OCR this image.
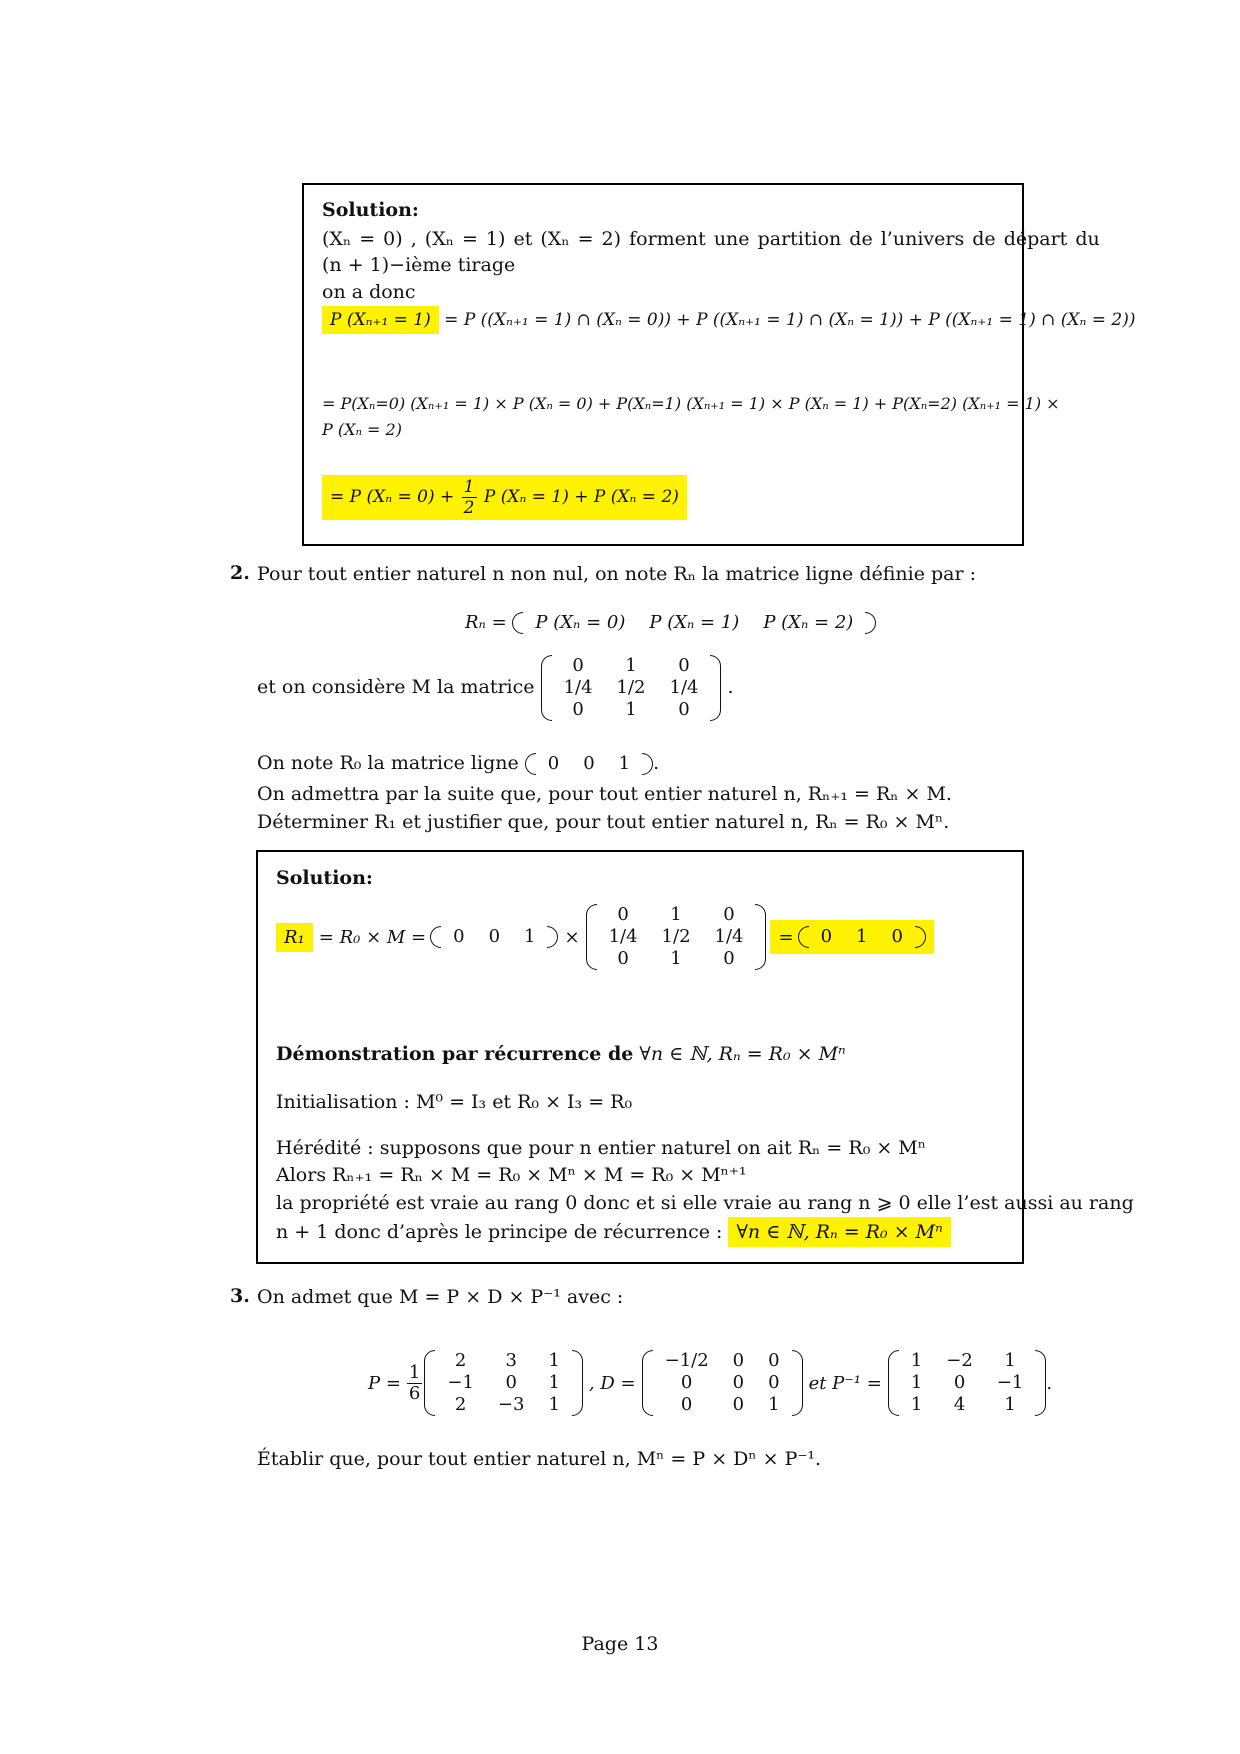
Solution:
(Xₙ = 0) , (Xₙ = 1) et (Xₙ = 2) forment une partition de l’univers de départ du
(n + 1)−ième tirage
on a donc
P (Xₙ₊₁ = 1) = P ((Xₙ₊₁ = 1) ∩ (Xₙ = 0)) + P ((Xₙ₊₁ = 1) ∩ (Xₙ = 1)) + P ((Xₙ₊₁ = 1) ∩ (Xₙ = 2))
= P(Xₙ=0) (Xₙ₊₁ = 1) × P (Xₙ = 0) + P(Xₙ=1) (Xₙ₊₁ = 1) × P (Xₙ = 1) + P(Xₙ=2) (Xₙ₊₁ = 1) ×
P (Xₙ = 2)
= P $(X_n = 0) + \frac{1}{2}$ P (Xₙ = 1) + P (Xₙ = 2)
2. Pour tout entier naturel n non nul, on note Rₙ la matrice ligne définie par :
Rₙ = P (Xₙ = 0)	P (Xₙ = 1)	P (Xₙ = 2)
et on considère M la matrice
0	1	0
1/4	1/2	1/4
0	1	0
.
On note R₀ la matrice ligne 0	0	1 .
On admettra par la suite que, pour tout entier naturel n, Rₙ₊₁ = Rₙ × M.
Déterminer R₁ et justifier que, pour tout entier naturel n, Rₙ = R₀ × Mⁿ.
Solution:
R₁ = R₀ × M = 0	0	1 ×
0	1	0
1/4	1/2	1/4
0	1	0
= 0	1	0
Démonstration par récurrence de ∀n ∈ ℕ, Rₙ = R₀ × Mⁿ
Initialisation : M⁰ = I₃ et R₀ × I₃ = R₀
Hérédité : supposons que pour n entier naturel on ait Rₙ = R₀ × Mⁿ
Alors Rₙ₊₁ = Rₙ × M = R₀ × Mⁿ × M = R₀ × Mⁿ⁺¹
la propriété est vraie au rang 0 donc et si elle vraie au rang n ⩾ 0 elle l’est aussi au rang
n + 1 donc d’après le principe de récurrence : ∀n ∈ ℕ, Rₙ = R₀ × Mⁿ
3. On admet que M = P × D × P⁻¹ avec :
$P = \frac{1}{6}$
2	3	1
−1	0	1
2	−3	1
, D =
−1/2	0	0
0	0	0
0	0	1
et P⁻¹ =
1	−2	1
1	0	−1
1	4	1
.
Établir que, pour tout entier naturel n, Mⁿ = P × Dⁿ × P⁻¹.
Page 13
